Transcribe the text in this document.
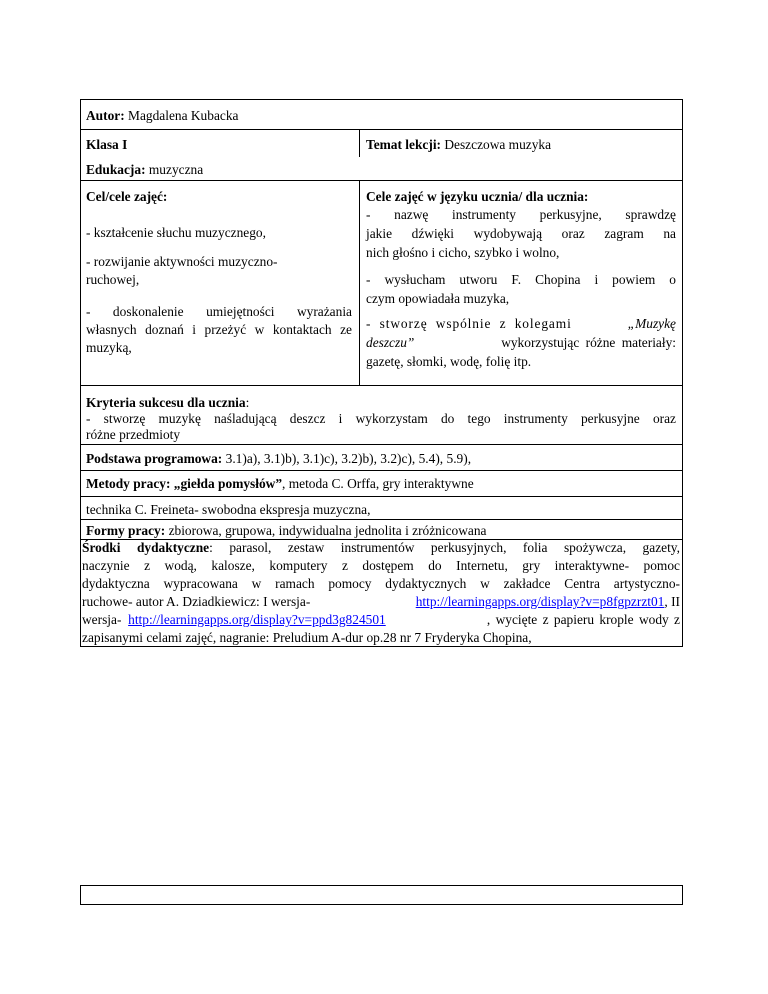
Autor: Magdalena Kubacka
Klasa I	Temat lekcji: Deszczowa muzyka
Edukacja: muzyczna
Cel/cele zajęć:
- kształcenie słuchu muzycznego,
- rozwijanie aktywności muzyczno-
ruchowej,
- doskonalenie umiejętności wyrażania
własnych doznań i przeżyć w kontaktach ze
muzyką,
Cele zajęć w języku ucznia/ dla ucznia:
- nazwę instrumenty perkusyjne, sprawdzę
jakie dźwięki wydobywają oraz zagram na
nich głośno i cicho, szybko i wolno,
- wysłucham utworu F. Chopina i powiem o
czym opowiadała muzyka,
- stworzę wspólnie z kolegami	„Muzykę
deszczu”	wykorzystując różne materiały:
gazetę, słomki, wodę, folię itp.
Kryteria sukcesu dla ucznia:
- stworzę muzykę naśladującą deszcz i wykorzystam do tego instrumenty perkusyjne oraz
różne przedmioty
Podstawa programowa: 3.1)a), 3.1)b), 3.1)c), 3.2)b), 3.2)c), 5.4), 5.9),
Metody pracy: „giełda pomysłów”, metoda C. Orffa, gry interaktywne
technika C. Freineta- swobodna ekspresja muzyczna,
Formy pracy: zbiorowa, grupowa, indywidualna jednolita i zróżnicowana
Środki dydaktyczne: parasol, zestaw instrumentów perkusyjnych, folia spożywcza, gazety,
naczynie z wodą, kalosze, komputery z dostępem do Internetu, gry interaktywne- pomoc
dydaktyczna wypracowana w ramach pomocy dydaktycznych w zakładce Centra artystyczno-
ruchowe- autor A. Dziadkiewicz: I wersja-	http://learningapps.org/display?v=p8fgpzrzt01, II
wersja- http://learningapps.org/display?v=ppd3g824501	, wycięte z papieru krople wody z
zapisanymi celami zajęć, nagranie: Preludium A-dur op.28 nr 7 Fryderyka Chopina,
